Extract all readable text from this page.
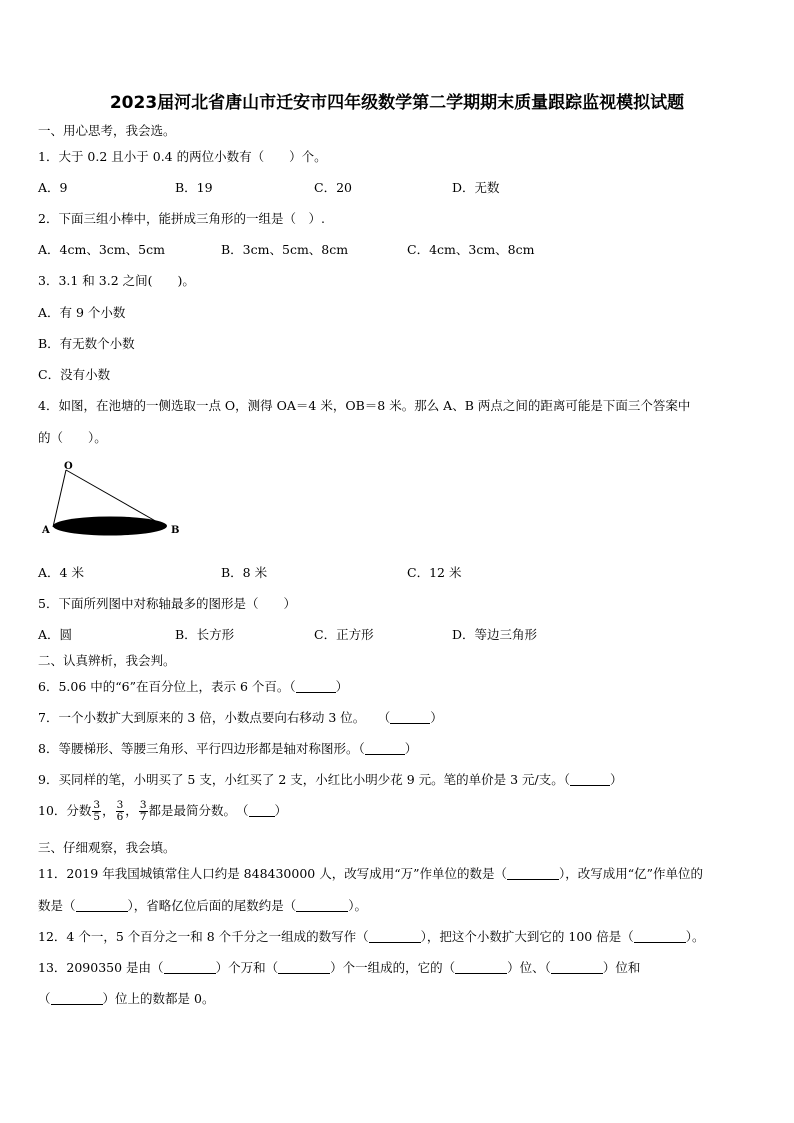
2023届河北省唐山市迁安市四年级数学第二学期期末质量跟踪监视模拟试题
一、用心思考，我会选。
1．大于 0.2 且小于 0.4 的两位小数有（　　）个。
A．9	B．19	C．20	D．无数
2．下面三组小棒中，能拼成三角形的一组是（　）.
A．4cm、3cm、5cm	B．3cm、5cm、8cm	C．4cm、3cm、8cm
3．3.1 和 3.2 之间(　　)。
A．有 9 个小数
B．有无数个小数
C．没有小数
4．如图，在池塘的一侧选取一点 O，测得 OA＝4 米，OB＝8 米。那么 A、B 两点之间的距离可能是下面三个答案中
的（　　）。
O
A	B
A．4 米	B．8 米	C．12 米
5．下面所列图中对称轴最多的图形是（　　）
A．圆	B．长方形	C．正方形	D．等边三角形
二、认真辨析，我会判。
6．5.06 中的“6”在百分位上，表示 6 个百。（	）
7．一个小数扩大到原来的 3 倍，小数点要向右移动 3 位。　　（	）
8．等腰梯形、等腰三角形、平行四边形都是轴对称图形。（	）
9．买同样的笔，小明买了 5 支，小红买了 2 支，小红比小明少花 9 元。笔的单价是 3 元/支。（	）
10．分数 $\frac{3}{5}$ ， $\frac{3}{6}$ ， $\frac{3}{7}$ 都是最简分数。　（ ）
三、仔细观察，我会填。
11．2019 年我国城镇常住人口约是 848430000 人，改写成用“万”作单位的数是（	），改写成用“亿”作单位的
数是（	），省略亿位后面的尾数约是（	）。
12．4 个一，5 个百分之一和 8 个千分之一组成的数写作（	），把这个小数扩大到它的 100 倍是（	）。
13．2090350 是由（	）个万和（	）个一组成的，它的（	）位、（	）位和
（	）位上的数都是 0。
